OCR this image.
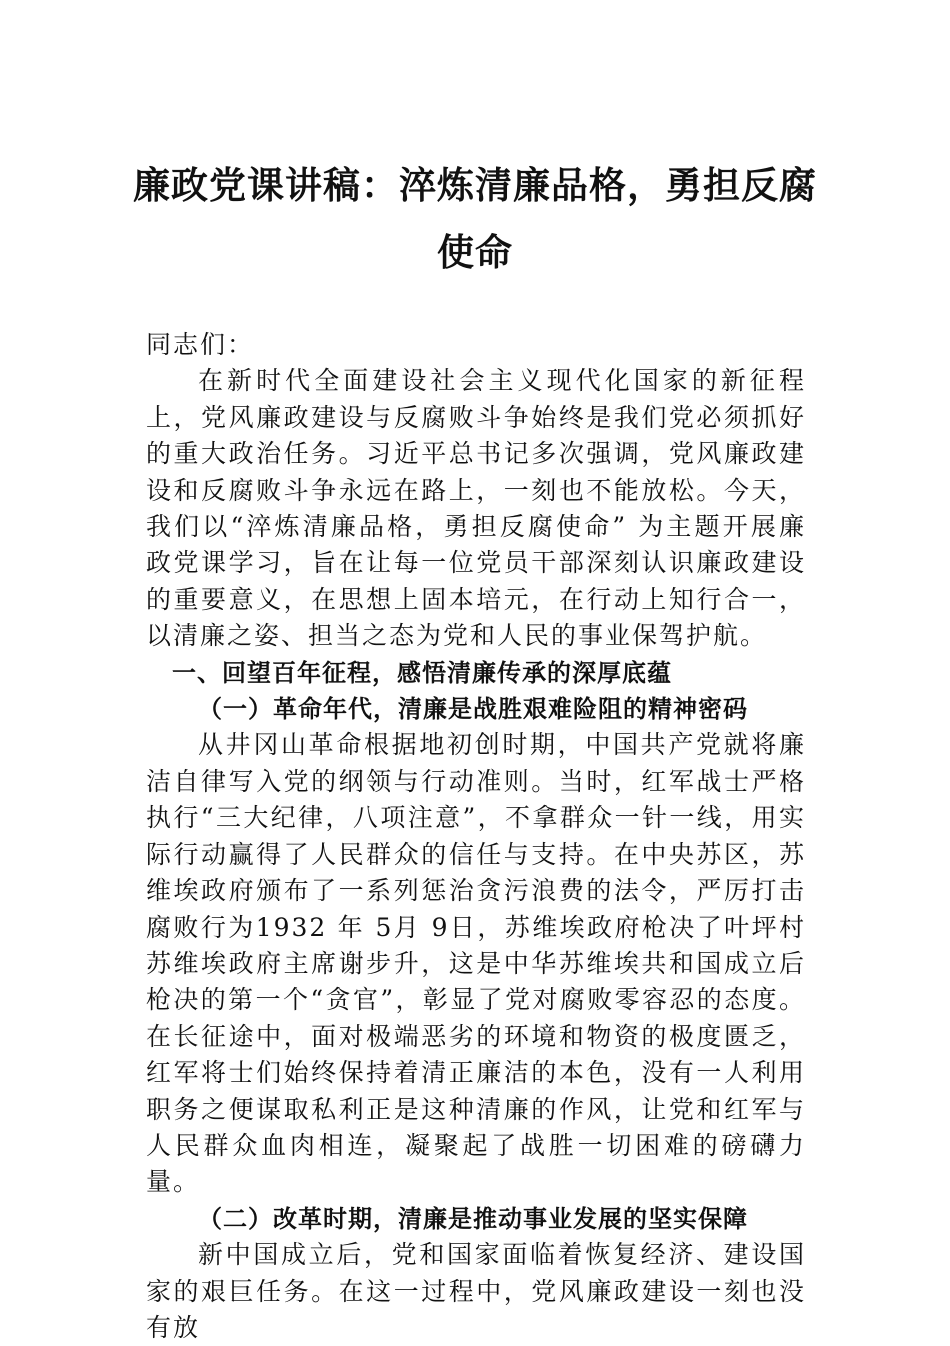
廉政党课讲稿：淬炼清廉品格，勇担反腐
使命

同志们：

在新时代全面建设社会主义现代化国家的新征程上，党风廉政建设与反腐败斗争始终是我们党必须抓好的重大政治任务。习近平总书记多次强调，党风廉政建设和反腐败斗争永远在路上，一刻也不能放松。今天，我们以“淬炼清廉品格，勇担反腐使命” 为主题开展廉政党课学习，旨在让每一位党员干部深刻认识廉政建设的重要意义，在思想上固本培元，在行动上知行合一，以清廉之姿、担当之态为党和人民的事业保驾护航。

一、回望百年征程，感悟清廉传承的深厚底蕴

（一）革命年代，清廉是战胜艰难险阻的精神密码

从井冈山革命根据地初创时期，中国共产党就将廉洁自律写入党的纲领与行动准则。当时，红军战士严格执行“三大纪律，八项注意”，不拿群众一针一线，用实际行动赢得了人民群众的信任与支持。在中央苏区，苏维埃政府颁布了一系列惩治贪污浪费的法令，严厉打击腐败行为1932 年 5月 9日，苏维埃政府枪决了叶坪村苏维埃政府主席谢步升，这是中华苏维埃共和国成立后枪决的第一个“贪官”，彰显了党对腐败零容忍的态度。在长征途中，面对极端恶劣的环境和物资的极度匮乏，红军将士们始终保持着清正廉洁的本色，没有一人利用职务之便谋取私利正是这种清廉的作风，让党和红军与人民群众血肉相连，凝聚起了战胜一切困难的磅礴力量。

（二）改革时期，清廉是推动事业发展的坚实保障

新中国成立后，党和国家面临着恢复经济、建设国家的艰巨任务。在这一过程中，党风廉政建设一刻也没有放
